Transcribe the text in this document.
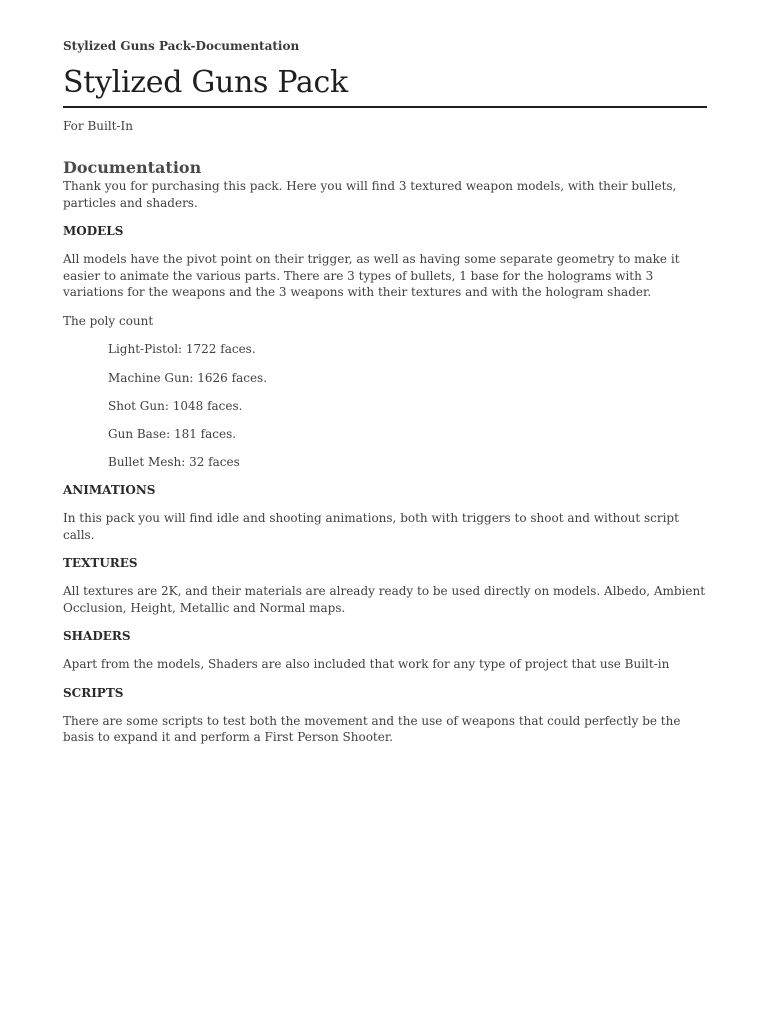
Stylized Guns Pack-Documentation

Stylized Guns Pack

For Built-In

Documentation

Thank you for purchasing this pack. Here you will find 3 textured weapon models, with their bullets, particles and shaders.

MODELS

All models have the pivot point on their trigger, as well as having some separate geometry to make it easier to animate the various parts. There are 3 types of bullets, 1 base for the holograms with 3 variations for the weapons and the 3 weapons with their textures and with the hologram shader.

The poly count

Light-Pistol: 1722 faces.
Machine Gun: 1626 faces.
Shot Gun: 1048 faces.
Gun Base: 181 faces.
Bullet Mesh: 32 faces
ANIMATIONS

In this pack you will find idle and shooting animations, both with triggers to shoot and without script calls.

TEXTURES

All textures are 2K, and their materials are already ready to be used directly on models. Albedo, Ambient Occlusion, Height, Metallic and Normal maps.

SHADERS

Apart from the models, Shaders are also included that work for any type of project that use Built-in

SCRIPTS

There are some scripts to test both the movement and the use of weapons that could perfectly be the basis to expand it and perform a First Person Shooter.
